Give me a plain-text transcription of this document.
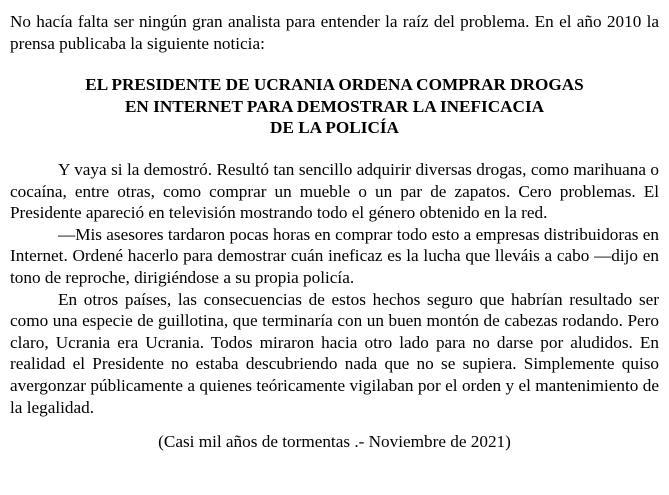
No hacía falta ser ningún gran analista para entender la raíz del problema. En el año 2010 la prensa publicaba la siguiente noticia:

EL PRESIDENTE DE UCRANIA ORDENA COMPRAR DROGAS
EN INTERNET PARA DEMOSTRAR LA INEFICACIA
DE LA POLICÍA

Y vaya si la demostró. Resultó tan sencillo adquirir diversas drogas, como marihuana o cocaína, entre otras, como comprar un mueble o un par de zapatos. Cero problemas. El Presidente apareció en televisión mostrando todo el género obtenido en la red.

—Mis asesores tardaron pocas horas en comprar todo esto a empresas distribuidoras en Internet. Ordené hacerlo para demostrar cuán ineficaz es la lucha que lleváis a cabo —dijo en tono de reproche, dirigiéndose a su propia policía.

En otros países, las consecuencias de estos hechos seguro que habrían resultado ser como una especie de guillotina, que terminaría con un buen montón de cabezas rodando. Pero claro, Ucrania era Ucrania. Todos miraron hacia otro lado para no darse por aludidos. En realidad el Presidente no estaba descubriendo nada que no se supiera. Simplemente quiso avergonzar públicamente a quienes teóricamente vigilaban por el orden y el mantenimiento de la legalidad.

(Casi mil años de tormentas .- Noviembre de 2021)
